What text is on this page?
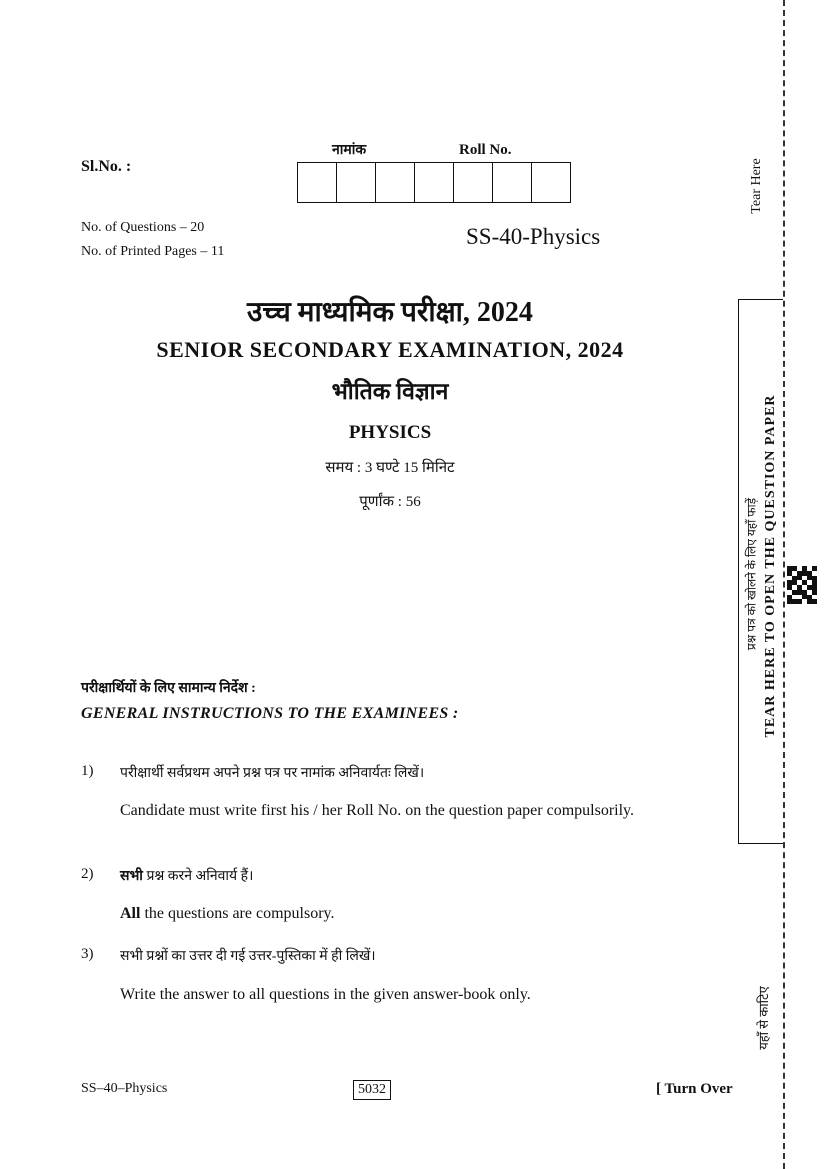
Sl.No. :
नामांक	Roll No.
No. of Questions – 20
No. of Printed Pages – 11
SS-40-Physics
उच्च माध्यमिक परीक्षा, 2024
SENIOR SECONDARY EXAMINATION, 2024
भौतिक विज्ञान
PHYSICS
समय : 3 घण्टे 15 मिनिट
पूर्णांक : 56
परीक्षार्थियों के लिए सामान्य निर्देश :
GENERAL INSTRUCTIONS TO THE EXAMINEES :
1) परीक्षार्थी सर्वप्रथम अपने प्रश्न पत्र पर नामांक अनिवार्यतः लिखें।
Candidate must write first his / her Roll No. on the question paper compulsorily.
2) सभी प्रश्न करने अनिवार्य हैं।
All the questions are compulsory.
3) सभी प्रश्नों का उत्तर दी गई उत्तर-पुस्तिका में ही लिखें।
Write the answer to all questions in the given answer-book only.
SS–40–Physics	5032	[ Turn Over
Tear Here
TEAR HERE TO OPEN THE QUESTION PAPER
प्रश्न पत्र को खोलने के लिए यहाँ फाड़ें
यहाँ से काटिए
